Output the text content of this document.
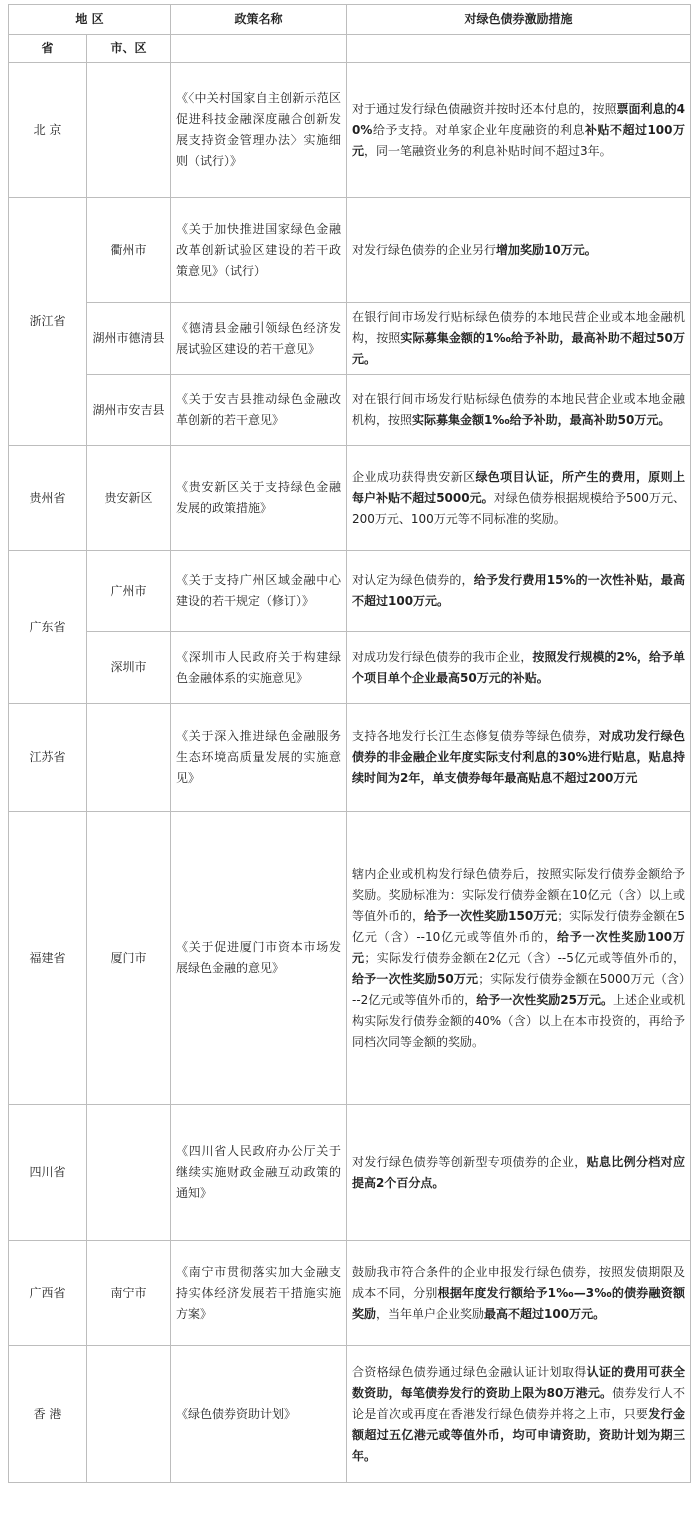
地 区		政策名称	对绿色债券激励措施
省	市、区		
北 京		《〈中关村国家自主创新示范区促进科技金融深度融合创新发展支持资金管理办法〉实施细则（试行）》	对于通过发行绿色债融资并按时还本付息的，按照票面利息的40%给予支持。对单家企业年度融资的利息补贴不超过100万元，同一笔融资业务的利息补贴时间不超过3年。
浙江省	衢州市	《关于加快推进国家绿色金融改革创新试验区建设的若干政策意见》（试行）	对发行绿色债券的企业另行增加奖励10万元。
	湖州市德清县	《德清县金融引领绿色经济发展试验区建设的若干意见》	在银行间市场发行贴标绿色债券的本地民营企业或本地金融机构，按照实际募集金额的1‰给予补助，最高补助不超过50万元。
	湖州市安吉县	《关于安吉县推动绿色金融改革创新的若干意见》	对在银行间市场发行贴标绿色债券的本地民营企业或本地金融机构，按照实际募集金额1‰给予补助，最高补助50万元。
贵州省	贵安新区	《贵安新区关于支持绿色金融发展的政策措施》	企业成功获得贵安新区绿色项目认证，所产生的费用，原则上每户补贴不超过5000元。对绿色债券根据规模给予500万元、200万元、100万元等不同标准的奖励。
广东省	广州市	《关于支持广州区域金融中心建设的若干规定（修订）》	对认定为绿色债券的，给予发行费用15%的一次性补贴，最高不超过100万元。
	深圳市	《深圳市人民政府关于构建绿色金融体系的实施意见》	对成功发行绿色债券的我市企业，按照发行规模的2%，给予单个项目单个企业最高50万元的补贴。
江苏省		《关于深入推进绿色金融服务生态环境高质量发展的实施意见》	支持各地发行长江生态修复债券等绿色债券，对成功发行绿色债券的非金融企业年度实际支付利息的30%进行贴息，贴息持续时间为2年，单支债券每年最高贴息不超过200万元
福建省	厦门市	《关于促进厦门市资本市场发展绿色金融的意见》	辖内企业或机构发行绿色债券后，按照实际发行债券金额给予奖励。奖励标准为：实际发行债券金额在10亿元（含）以上或等值外币的，给予一次性奖励150万元；实际发行债券金额在5亿元（含）--10亿元或等值外币的，给予一次性奖励100万元；实际发行债券金额在2亿元（含）--5亿元或等值外币的，给予一次性奖励50万元；实际发行债券金额在5000万元（含）--2亿元或等值外币的，给予一次性奖励25万元。上述企业或机构实际发行债券金额的40%（含）以上在本市投资的，再给予同档次同等金额的奖励。
四川省		《四川省人民政府办公厅关于继续实施财政金融互动政策的通知》	对发行绿色债券等创新型专项债券的企业，贴息比例分档对应提高2个百分点。
广西省	南宁市	《南宁市贯彻落实加大金融支持实体经济发展若干措施实施方案》	鼓励我市符合条件的企业申报发行绿色债券，按照发债期限及成本不同，分别根据年度发行额给予1‰—3‰的债券融资额奖励，当年单户企业奖励最高不超过100万元。
香 港		《绿色债券资助计划》	合资格绿色债券通过绿色金融认证计划取得认证的费用可获全数资助，每笔债券发行的资助上限为80万港元。债券发行人不论是首次或再度在香港发行绿色债券并将之上市，只要发行金额超过五亿港元或等值外币，均可申请资助，资助计划为期三年。
